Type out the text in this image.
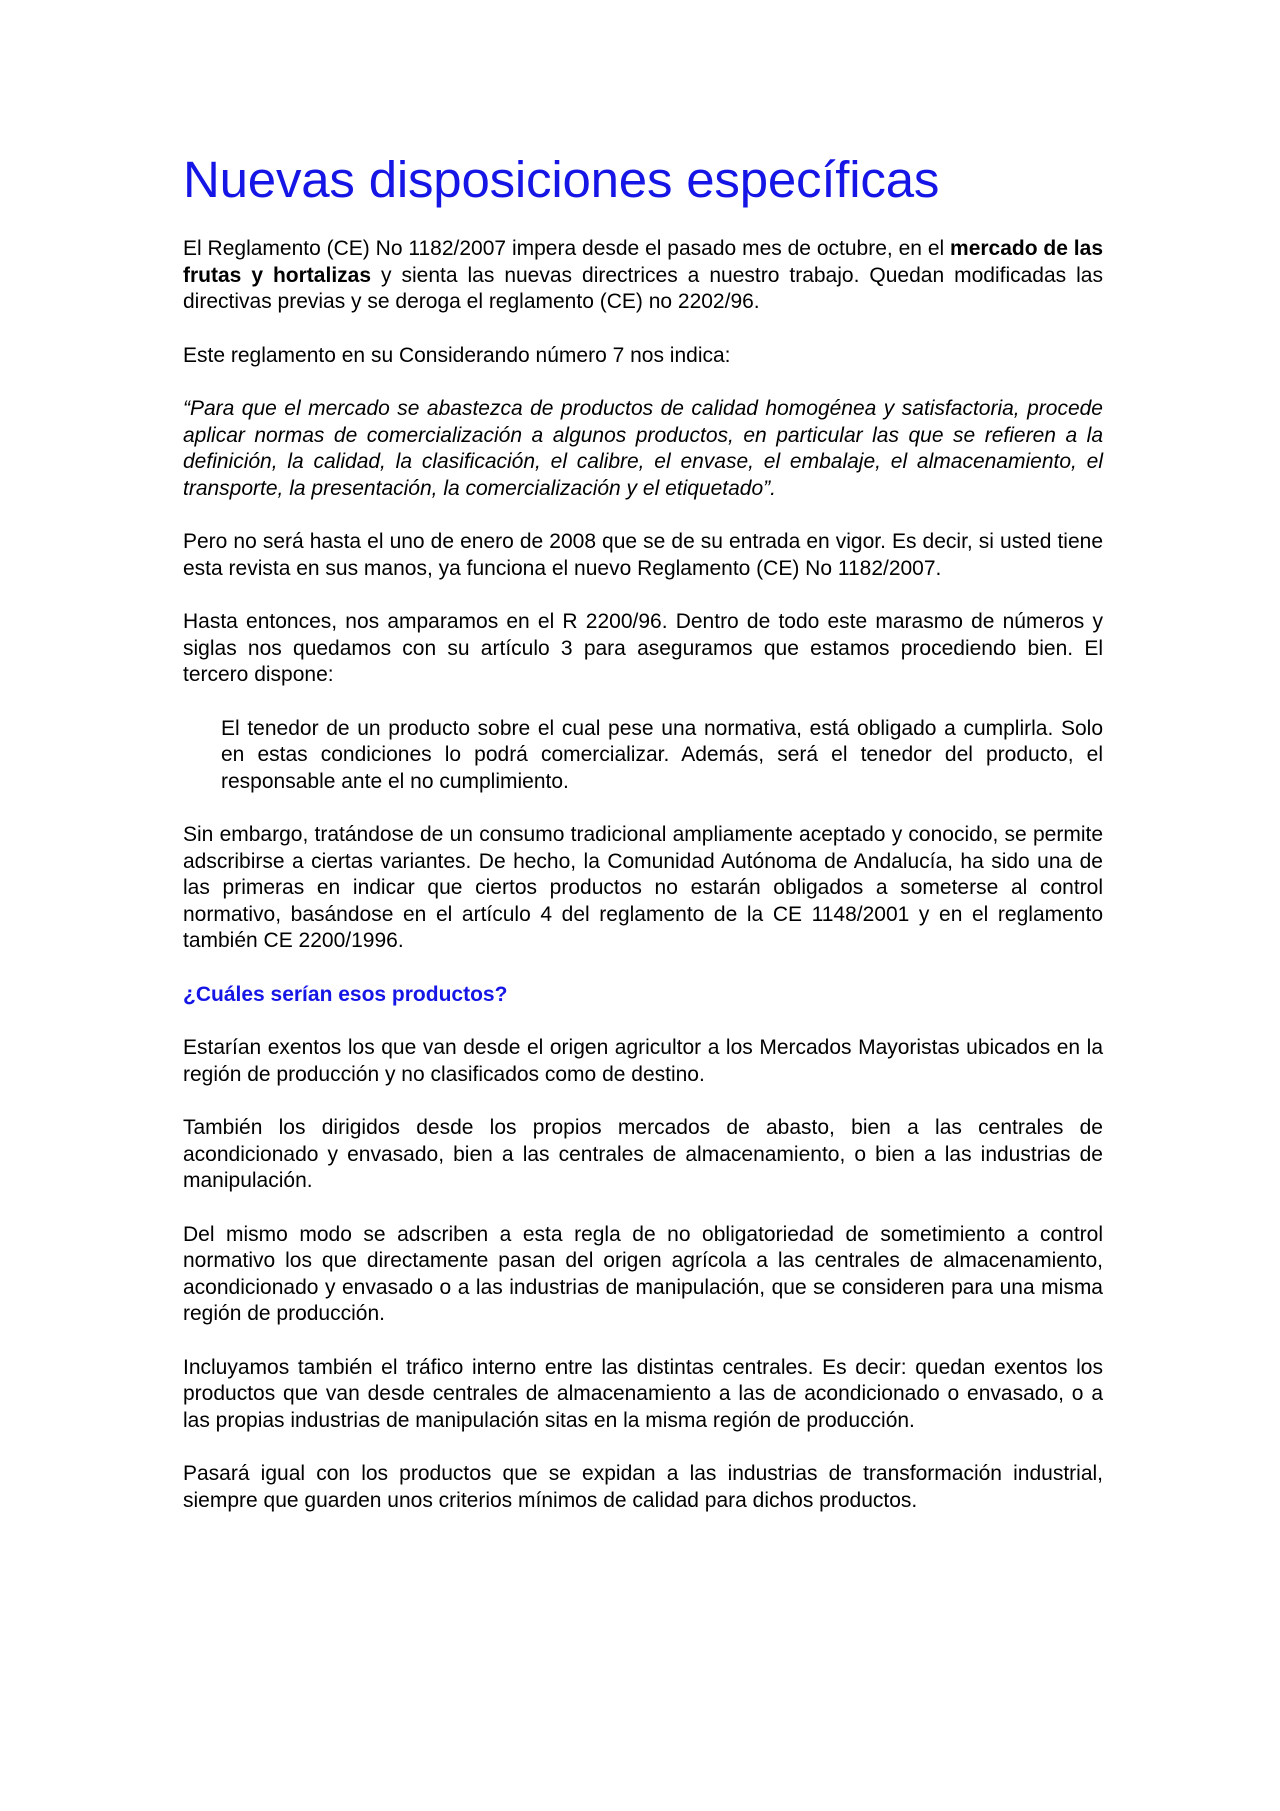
Nuevas disposiciones específicas

El Reglamento (CE) No 1182/2007 impera desde el pasado mes de octubre, en el mercado de las frutas y hortalizas y sienta las nuevas directrices a nuestro trabajo. Quedan modificadas las directivas previas y se deroga el reglamento (CE) no 2202/96.

Este reglamento en su Considerando número 7 nos indica:

“Para que el mercado se abastezca de productos de calidad homogénea y satisfactoria, procede aplicar normas de comercialización a algunos productos, en particular las que se refieren a la definición, la calidad, la clasificación, el calibre, el envase, el embalaje, el almacenamiento, el transporte, la presentación, la comercialización y el etiquetado”.

Pero no será hasta el uno de enero de 2008 que se de su entrada en vigor. Es decir, si usted tiene esta revista en sus manos, ya funciona el nuevo Reglamento (CE) No 1182/2007.

Hasta entonces, nos amparamos en el R 2200/96. Dentro de todo este marasmo de números y siglas nos quedamos con su artículo 3 para aseguramos que estamos procediendo bien. El tercero dispone:

El tenedor de un producto sobre el cual pese una normativa, está obligado a cumplirla. Solo en estas condiciones lo podrá comercializar. Además, será el tenedor del producto, el responsable ante el no cumplimiento.

Sin embargo, tratándose de un consumo tradicional ampliamente aceptado y conocido, se permite adscribirse a ciertas variantes. De hecho, la Comunidad Autónoma de Andalucía, ha sido una de las primeras en indicar que ciertos productos no estarán obligados a someterse al control normativo, basándose en el artículo 4 del reglamento de la CE 1148/2001 y en el reglamento también CE 2200/1996.

¿Cuáles serían esos productos?

Estarían exentos los que van desde el origen agricultor a los Mercados Mayoristas ubicados en la región de producción y no clasificados como de destino.

También los dirigidos desde los propios mercados de abasto, bien a las centrales de acondicionado y envasado, bien a las centrales de almacenamiento, o bien a las industrias de manipulación.

Del mismo modo se adscriben a esta regla de no obligatoriedad de sometimiento a control normativo los que directamente pasan del origen agrícola a las centrales de almacenamiento, acondicionado y envasado o a las industrias de manipulación, que se consideren para una misma región de producción.

Incluyamos también el tráfico interno entre las distintas centrales. Es decir: quedan exentos los productos que van desde centrales de almacenamiento a las de acondicionado o envasado, o a las propias industrias de manipulación sitas en la misma región de producción.

Pasará igual con los productos que se expidan a las industrias de transformación industrial, siempre que guarden unos criterios mínimos de calidad para dichos productos.
